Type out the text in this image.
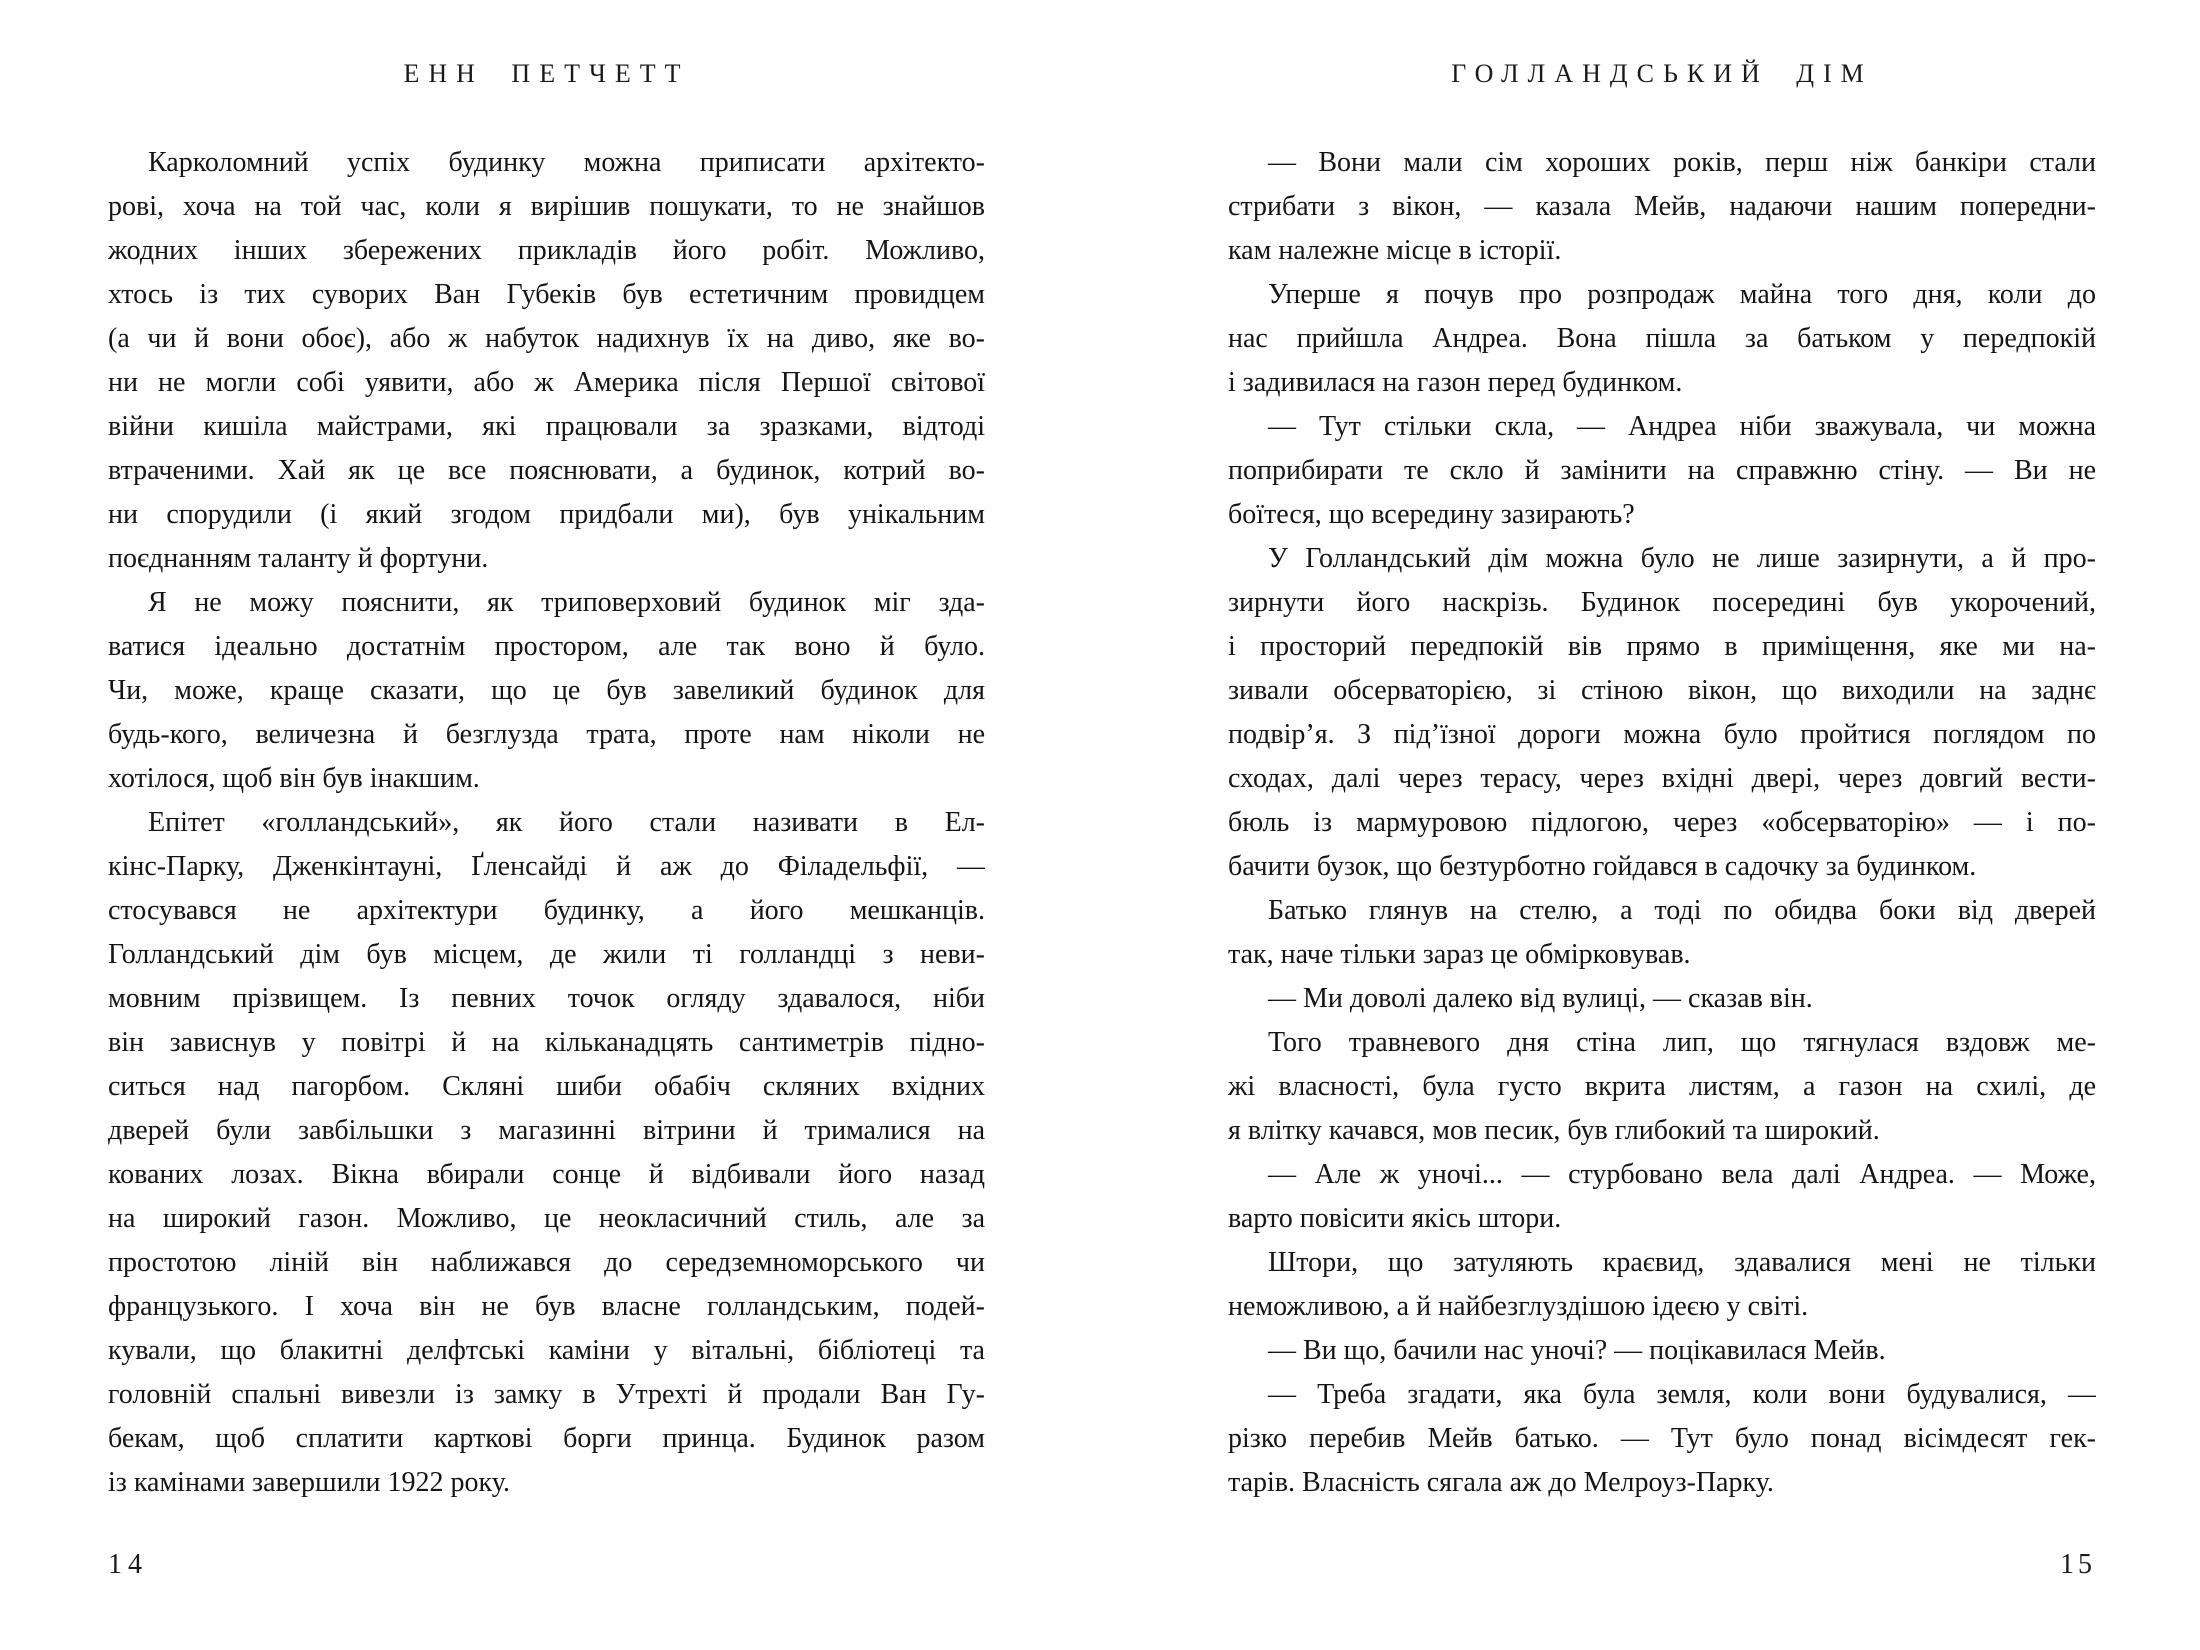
ЕНН ПЕТЧЕТТ
Карколомний успіх будинку можна приписати архітекто-
рові, хоча на той час, коли я вирішив пошукати, то не знайшов
жодних інших збережених прикладів його робіт. Можливо,
хтось із тих суворих Ван Губеків був естетичним провидцем
(а чи й вони обоє), або ж набуток надихнув їх на диво, яке во-
ни не могли собі уявити, або ж Америка після Першої світової
війни кишіла майстрами, які працювали за зразками, відтоді
втраченими. Хай як це все пояснювати, а будинок, котрий во-
ни спорудили (і який згодом придбали ми), був унікальним
поєднанням таланту й фортуни.
Я не можу пояснити, як триповерховий будинок міг зда-
ватися ідеально достатнім простором, але так воно й було.
Чи, може, краще сказати, що це був завеликий будинок для
будь-кого, величезна й безглузда трата, проте нам ніколи не
хотілося, щоб він був інакшим.
Епітет «голландський», як його стали називати в Ел-
кінс-Парку, Дженкінтауні, Ґленсайді й аж до Філадельфії, —
стосувався не архітектури будинку, а його мешканців.
Голландський дім був місцем, де жили ті голландці з неви-
мовним прізвищем. Із певних точок огляду здавалося, ніби
він зависнув у повітрі й на кільканадцять сантиметрів підно-
ситься над пагорбом. Скляні шиби обабіч скляних вхідних
дверей були завбільшки з магазинні вітрини й трималися на
кованих лозах. Вікна вбирали сонце й відбивали його назад
на широкий газон. Можливо, це неокласичний стиль, але за
простотою ліній він наближався до середземноморського чи
французького. І хоча він не був власне голландським, подей-
кували, що блакитні делфтські каміни у вітальні, бібліотеці та
головній спальні вивезли із замку в Утрехті й продали Ван Гу-
бекам, щоб сплатити карткові борги принца. Будинок разом
із камінами завершили 1922 року.
14
ГОЛЛАНДСЬКИЙ ДІМ
— Вони мали сім хороших років, перш ніж банкіри стали
стрибати з вікон, — казала Мейв, надаючи нашим попередни-
кам належне місце в історії.
Уперше я почув про розпродаж майна того дня, коли до
нас прийшла Андреа. Вона пішла за батьком у передпокій
і задивилася на газон перед будинком.
— Тут стільки скла, — Андреа ніби зважувала, чи можна
поприбирати те скло й замінити на справжню стіну. — Ви не
боїтеся, що всередину зазирають?
У Голландський дім можна було не лише зазирнути, а й про-
зирнути його наскрізь. Будинок посередині був укорочений,
і просторий передпокій вів прямо в приміщення, яке ми на-
зивали обсерваторією, зі стіною вікон, що виходили на заднє
подвір’я. З під’їзної дороги можна було пройтися поглядом по
сходах, далі через терасу, через вхідні двері, через довгий вести-
бюль із мармуровою підлогою, через «обсерваторію» — і по-
бачити бузок, що безтурботно гойдався в садочку за будинком.
Батько глянув на стелю, а тоді по обидва боки від дверей
так, наче тільки зараз це обмірковував.
— Ми доволі далеко від вулиці, — сказав він.
Того травневого дня стіна лип, що тягнулася вздовж ме-
жі власності, була густо вкрита листям, а газон на схилі, де
я влітку качався, мов песик, був глибокий та широкий.
— Але ж уночі... — стурбовано вела далі Андреа. — Може,
варто повісити якісь штори.
Штори, що затуляють краєвид, здавалися мені не тільки
неможливою, а й найбезглуздішою ідеєю у світі.
— Ви що, бачили нас уночі? — поцікавилася Мейв.
— Треба згадати, яка була земля, коли вони будувалися, —
різко перебив Мейв батько. — Тут було понад вісімдесят гек-
тарів. Власність сягала аж до Мелроуз-Парку.
15
